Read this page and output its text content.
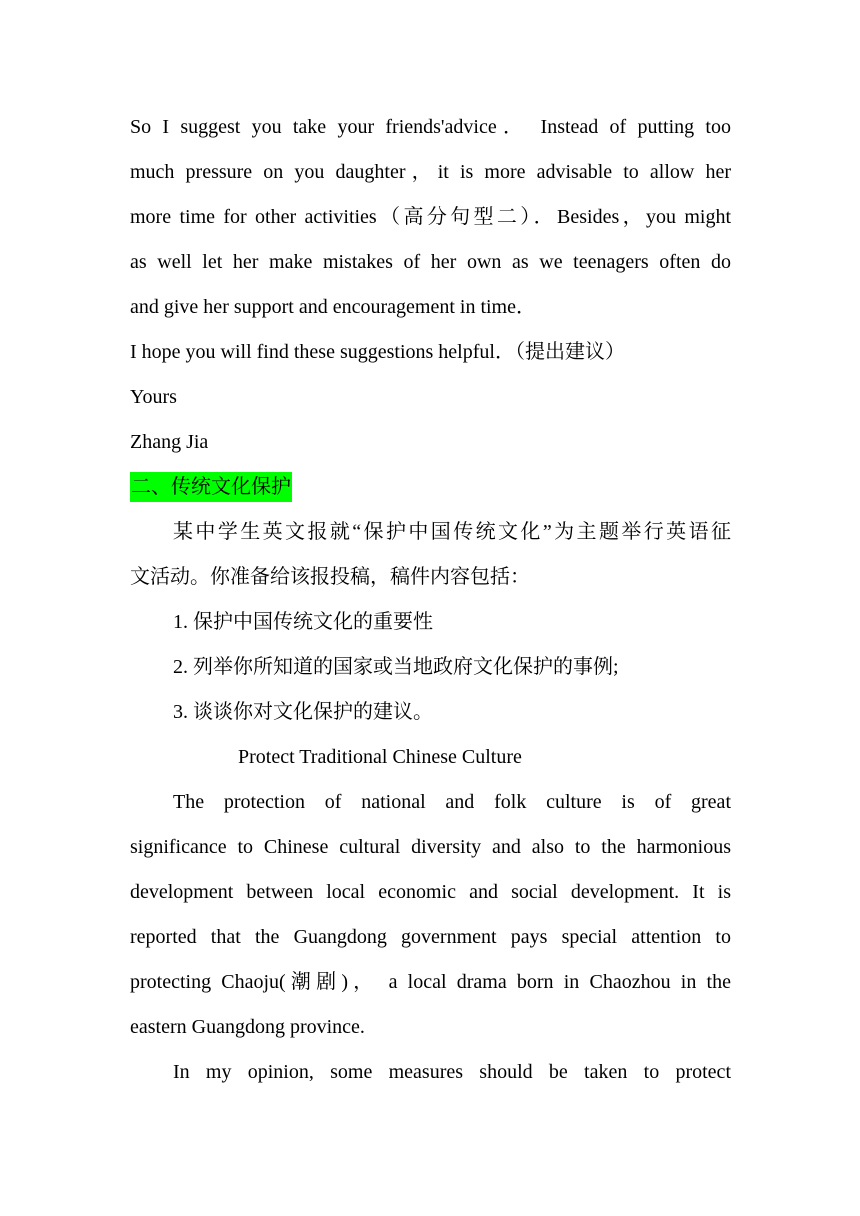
So I suggest you take your friends'advice． Instead of putting too
much pressure on you daughter，it is more advisable to allow her
more time for other activities（高分句型二）．Besides，you might
as well let her make mistakes of her own as we teenagers often do
and give her support and encouragement in time．
I hope you will find these suggestions helpful．（提出建议）
Yours
Zhang Jia
二、传统文化保护
某中学生英文报就“保护中国传统文化”为主题举行英语征
文活动。你准备给该报投稿，稿件内容包括：
1. 保护中国传统文化的重要性
2. 列举你所知道的国家或当地政府文化保护的事例;
3. 谈谈你对文化保护的建议。
Protect Traditional Chinese Culture
The protection of national and folk culture is of great
significance to Chinese cultural diversity and also to the harmonious
development between local economic and social development. It is
reported that the Guangdong government pays special attention to
protecting Chaoju(潮剧)， a local drama born in Chaozhou in the
eastern Guangdong province.
In my opinion, some measures should be taken to protect
